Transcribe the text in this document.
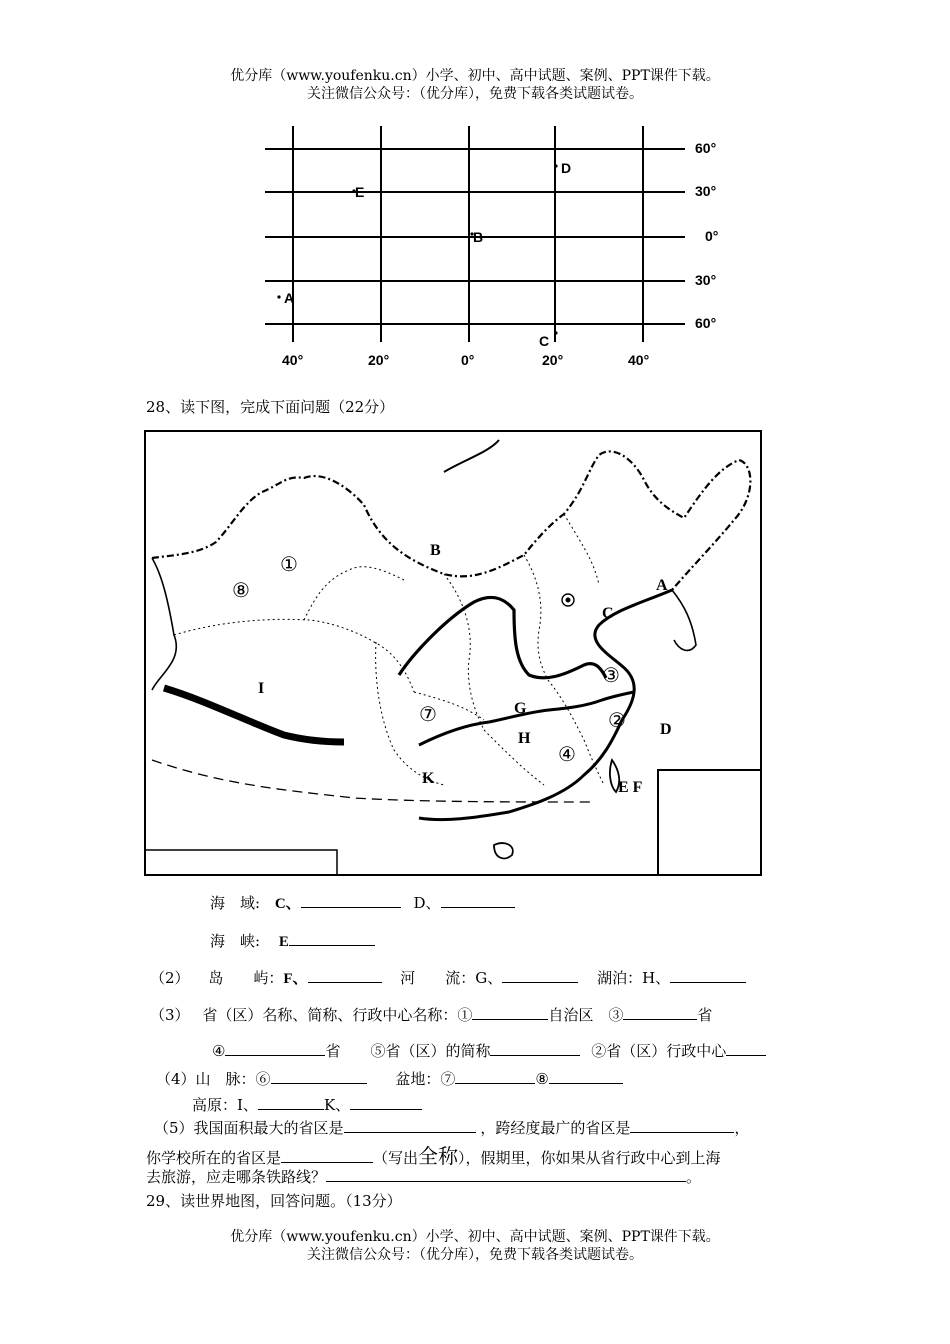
优分库（www.youfenku.cn）小学、初中、高中试题、案例、PPT课件下载。
关注微信公众号：（优分库），免费下载各类试题试卷。
60°
30°
0°
30°
60°
40°	20°	0°	20°	40°
A
B
C
D
E
28、读下图，完成下面问题（22分）
B
A
C
D
G
H
I
K
E F
①
②
③
④
⑦
⑧
海　域: C、	D、
海　峡: E
（2） 岛　　屿：F、	河　　流：G、	湖泊：H、
（3） 省（区）名称、简称、行政中心名称：①	自治区　③	省
④	省　　⑤省（区）的简称	②省（区）行政中心
（4）山　脉：⑥	盆地：⑦	⑧
高原：I、	K、
（5）我国面积最大的省区是	，跨经度最广的省区是	，
你学校所在的省区是	（写出全称），假期里，你如果从省行政中心到上海
去旅游，应走哪条铁路线？	。
29、读世界地图，回答问题。（13分）
优分库（www.youfenku.cn）小学、初中、高中试题、案例、PPT课件下载。
关注微信公众号：（优分库），免费下载各类试题试卷。
